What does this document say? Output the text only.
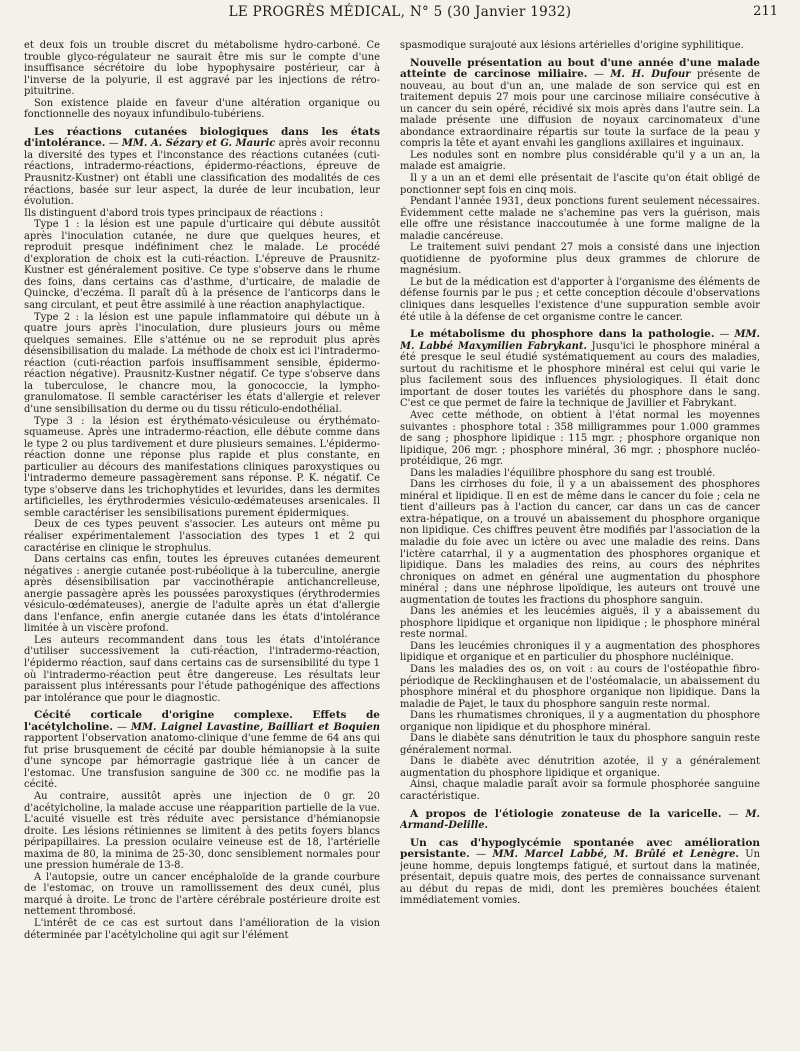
LE PROGRÈS MÉDICAL, N° 5 (30 Janvier 1932)	211

et deux fois un trouble discret du métabolisme hydro-carboné. Ce trouble glyco-régulateur ne saurait être mis sur le compte d'une insuffisance sécrétoire du lobe hypophysaire postérieur, car à l'inverse de la polyurie, il est aggravé par les injections de rétro-pituitrine.

Son existence plaide en faveur d'une altération organique ou fonctionnelle des noyaux infundibulo-tubériens.

Les réactions cutanées biologiques dans les états d'intolérance. — MM. A. Sézary et G. Mauric après avoir reconnu la diversité des types et l'inconstance des réactions cutanées (cuti-réactions, intradermo-réactions, épidermo-réactions, épreuve de Prausnitz-Kustner) ont établi une classification des modalités de ces réactions, basée sur leur aspect, la durée de leur incubation, leur évolution.

Ils distinguent d'abord trois types principaux de réactions :

Type 1 : la lésion est une papule d'urticaire qui débute aussitôt après l'inoculation cutanée, ne dure que quelques heures, et reproduit presque indéfiniment chez le malade. Le procédé d'exploration de choix est la cuti-réaction. L'épreuve de Prausnitz-Kustner est généralement positive. Ce type s'observe dans le rhume des foins, dans certains cas d'asthme, d'urticaire, de maladie de Quincke, d'eczéma. Il paraît dû à la présence de l'anticorps dans le sang circulant, et peut être assimilé à une réaction anaphylactique.

Type 2 : la lésion est une papule inflammatoire qui débute un à quatre jours après l'inoculation, dure plusieurs jours ou même quelques semaines. Elle s'atténue ou ne se reproduit plus après désensibilisation du malade. La méthode de choix est ici l'intradermo-réaction (cuti-réaction parfois insuffisamment sensible, épidermo-réaction négative). Prausnitz-Kustner négatif. Ce type s'observe dans la tuberculose, le chancre mou, la gonococcie, la lympho-granulomatose. Il semble caractériser les états d'allergie et relever d'une sensibilisation du derme ou du tissu réticulo-endothélial.

Type 3 : la lésion est érythémato-vésiculeuse ou érythémato-squameuse. Après une intradermo-réaction, elle débute comme dans le type 2 ou plus tardivement et dure plusieurs semaines. L'épidermo-réaction donne une réponse plus rapide et plus constante, en particulier au décours des manifestations cliniques paroxystiques ou l'intradermo demeure passagèrement sans réponse. P. K. négatif. Ce type s'observe dans les trichophytides et levurides, dans les dermites artificielles, les érythrodermies vésiculo-œdémateuses arsenicales. Il semble caractériser les sensibilisations purement épidermiques.

Deux de ces types peuvent s'associer. Les auteurs ont même pu réaliser expérimentalement l'association des types 1 et 2 qui caractérise en clinique le strophulus.

Dans certains cas enfin, toutes les épreuves cutanées demeurent négatives : anergie cutanée post-rubéolique à la tuberculine, anergie après désensibilisation par vaccinothérapie antichancrelleuse, anergie passagère après les poussées paroxystiques (érythrodermies vésiculo-œdémateuses), anergie de l'adulte après un état d'allergie dans l'enfance, enfin anergie cutanée dans les états d'intolérance limitée à un viscère profond.

Les auteurs recommandent dans tous les états d'intolérance d'utiliser successivement la cuti-réaction, l'intradermo-réaction, l'épidermo réaction, sauf dans certains cas de sursensibilité du type 1 où l'intradermo-réaction peut être dangereuse. Les résultats leur paraissent plus intéressants pour l'étude pathogénique des affections par intolérance que pour le diagnostic.

Cécité corticale d'origine complexe. Effets de l'acétylcholine. — MM. Laignel Lavastine, Bailliart et Boquien rapportent l'observation anatomo-clinique d'une femme de 64 ans qui fut prise brusquement de cécité par double hémianopsie à la suite d'une syncope par hémorragie gastrique liée à un cancer de l'estomac. Une transfusion sanguine de 300 cc. ne modifie pas la cécité.

Au contraire, aussitôt après une injection de 0 gr. 20 d'acétylcholine, la malade accuse une réapparition partielle de la vue. L'acuité visuelle est très réduite avec persistance d'hémianopsie droite. Les lésions rétiniennes se limitent à des petits foyers blancs péripapillaires. La pression oculaire veineuse est de 18, l'artérielle maxima de 80, la minima de 25-30, donc sensiblement normales pour une pression humérale de 13-8.

A l'autopsie, outre un cancer encéphaloïde de la grande courbure de l'estomac, on trouve un ramollissement des deux cunéi, plus marqué à droite. Le tronc de l'artère cérébrale postérieure droite est nettement thrombosé.

L'intérêt de ce cas est surtout dans l'amélioration de la vision déterminée par l'acétylcholine qui agit sur l'élément

spasmodique surajouté aux lésions artérielles d'origine syphilitique.

Nouvelle présentation au bout d'une année d'une malade atteinte de carcinose miliaire. — M. H. Dufour présente de nouveau, au bout d'un an, une malade de son service qui est en traitement depuis 27 mois pour une carcinose miliaire consécutive à un cancer du sein opéré, récidivé six mois après dans l'autre sein. La malade présente une diffusion de noyaux carcinomateux d'une abondance extraordinaire répartis sur toute la surface de la peau y compris la tête et ayant envahi les ganglions axillaires et inguinaux.

Les nodules sont en nombre plus considérable qu'il y a un an, la malade est amaigrie.

Il y a un an et demi elle présentait de l'ascite qu'on était obligé de ponctionner sept fois en cinq mois.

Pendant l'année 1931, deux ponctions furent seulement nécessaires. Évidemment cette malade ne s'achemine pas vers la guérison, mais elle offre une résistance inaccoutumée à une forme maligne de la maladie cancéreuse.

Le traitement suivi pendant 27 mois a consisté dans une injection quotidienne de pyoformine plus deux grammes de chlorure de magnésium.

Le but de la médication est d'apporter à l'organisme des éléments de défense fournis par le pus ; et cette conception découle d'observations cliniques dans lesquelles l'existence d'une suppuration semble avoir été utile à la défense de cet organisme contre le cancer.

Le métabolisme du phosphore dans la pathologie. — MM. M. Labbé Maxymilien Fabrykant. Jusqu'ici le phosphore minéral a été presque le seul étudié systématiquement au cours des maladies, surtout du rachitisme et le phosphore minéral est celui qui varie le plus facilement sous des influences physiologiques. Il était donc important de doser toutes les variétés du phosphore dans le sang. C'est ce que permet de faire la technique de Javillier et Fabrykant.

Avec cette méthode, on obtient à l'état normal les moyennes suivantes : phosphore total : 358 milligrammes pour 1.000 grammes de sang ; phosphore lipidique : 115 mgr. ; phosphore organique non lipidique, 206 mgr. ; phosphore minéral, 36 mgr. ; phosphore nucléo-protéidique, 26 mgr.

Dans les maladies l'équilibre phosphore du sang est troublé.

Dans les cirrhoses du foie, il y a un abaissement des phosphores minéral et lipidique. Il en est de même dans le cancer du foie ; cela ne tient d'ailleurs pas à l'action du cancer, car dans un cas de cancer extra-hépatique, on a trouvé un abaissement du phosphore organique non lipidique. Ces chiffres peuvent être modifiés par l'association de la maladie du foie avec un ictère ou avec une maladie des reins. Dans l'ictère catarrhal, il y a augmentation des phosphores organique et lipidique. Dans les maladies des reins, au cours des néphrites chroniques on admet en général une augmentation du phosphore minéral ; dans une néphrose lipoïdique, les auteurs ont trouvé une augmentation de toutes les fractions du phosphore sanguin.

Dans les anémies et les leucémies aiguës, il y a abaissement du phosphore lipidique et organique non lipidique ; le phosphore minéral reste normal.

Dans les leucémies chroniques il y a augmentation des phosphores lipidique et organique et en particulier du phosphore nucléinique.

Dans les maladies des os, on voit : au cours de l'ostéopathie fibro-périodique de Recklinghausen et de l'ostéomalacie, un abaissement du phosphore minéral et du phosphore organique non lipidique. Dans la maladie de Pajet, le taux du phosphore sanguin reste normal.

Dans les rhumatismes chroniques, il y a augmentation du phosphore organique non lipidique et du phosphore minéral.

Dans le diabète sans dénutrition le taux du phosphore sanguin reste généralement normal.

Dans le diabète avec dénutrition azotée, il y a généralement augmentation du phosphore lipidique et organique.

Ainsi, chaque maladie paraît avoir sa formule phosphorée sanguine caractéristique.

A propos de l'étiologie zonateuse de la varicelle. — M. Armand-Delille.

Un cas d'hypoglycémie spontanée avec amélioration persistante. — MM. Marcel Labbé, M. Brûlé et Lenègre. Un jeune homme, depuis longtemps fatigué, et surtout dans la matinée, présentait, depuis quatre mois, des pertes de connaissance survenant au début du repas de midi, dont les premières bouchées étaient immédiatement vomies.
